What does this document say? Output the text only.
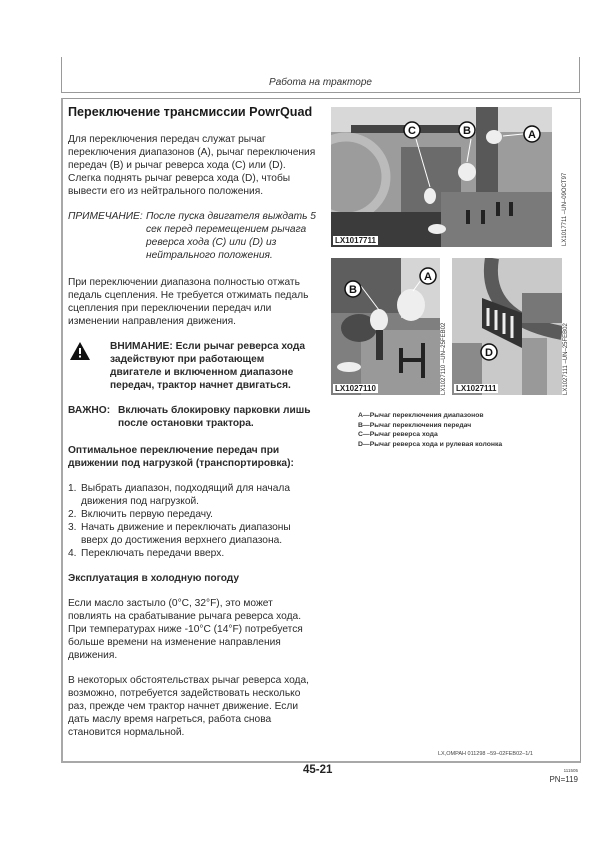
Работа на тракторе
Переключение трансмиссии PowrQuad

Для переключения передач служат рычаг переключения диапазонов (A), рычаг переключения передач (B) и рычаг реверса хода (C) или (D). Слегка поднять рычаг реверса хода (D), чтобы вывести его из нейтрального положения.

ПРИМЕЧАНИЕ: После пуска двигателя выждать 5 сек перед перемещением рычага реверса хода (C) или (D) из нейтрального положения.

При переключении диапазона полностью отжать педаль сцепления. Не требуется отжимать педаль сцепления при переключении передач или изменении направления движения.

ВНИМАНИЕ: Если рычаг реверса хода задействуют при работающем двигателе и включенном диапазоне передач, трактор начнет двигаться.
ВАЖНО: Включать блокировку парковки лишь после остановки трактора.
Оптимальное переключение передач при движении под нагрузкой (транспортировка):
1. Выбрать диапазон, подходящий для начала движения под нагрузкой.
2. Включить первую передачу.
3. Начать движение и переключать диапазоны вверх до достижения верхнего диапазона.
4. Переключать передачи вверх.
Эксплуатация в холодную погоду

Если масло застыло (0°C, 32°F), это может повлиять на срабатывание рычага реверса хода. При температурах ниже -10°C (14°F) потребуется больше времени на изменение направления движения.

В некоторых обстоятельствах рычаг реверса хода, возможно, потребуется задействовать несколько раз, прежде чем трактор начнет движение. Если дать маслу время нагреться, работа снова становится нормальной.

C	B	A
LX1017711	LX1017711 –UN–09OCT97
B
A
LX1027110	LX1027110 –UN–25FEB02	D
LX1027111	LX1027111 –UN–25FEB02
A—Рычаг переключения диапазонов
B—Рычаг переключения передач
C—Рычаг реверса хода
D—Рычаг реверса хода и рулевая колонка
LX,OMPAH 011298 –59–02FEB02–1/1
45-21	111505
PN=119
